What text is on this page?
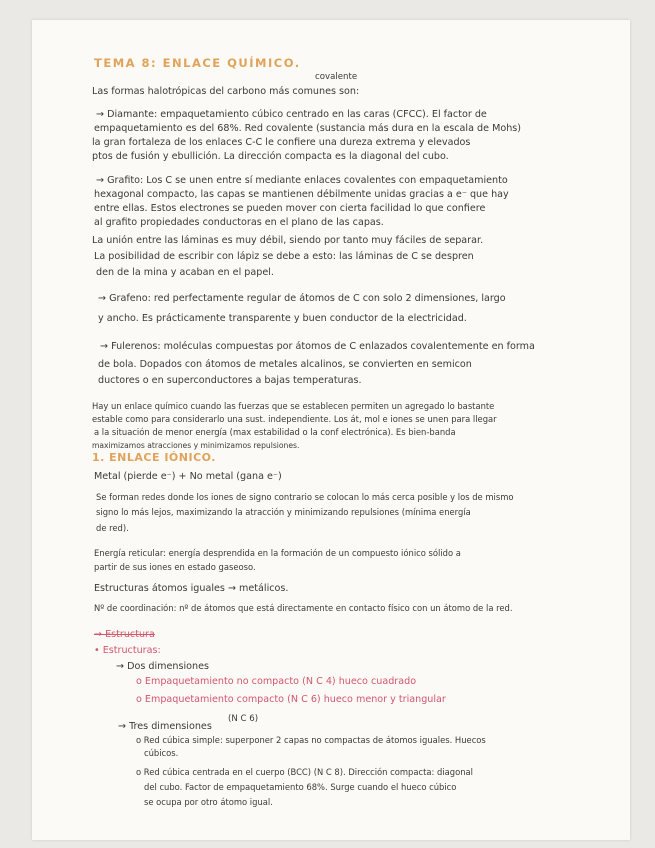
TEMA 8: ENLACE QUÍMICO.
covalente
Las formas halotrópicas del carbono más comunes son:
→ Diamante: empaquetamiento cúbico centrado en las caras (CFCC). El factor de
empaquetamiento es del 68%. Red covalente (sustancia más dura en la escala de Mohs)
la gran fortaleza de los enlaces C-C le confiere una dureza extrema y elevados
ptos de fusión y ebullición. La dirección compacta es la diagonal del cubo.
→ Grafito: Los C se unen entre sí mediante enlaces covalentes con empaquetamiento
hexagonal compacto, las capas se mantienen débilmente unidas gracias a e⁻ que hay
entre ellas. Estos electrones se pueden mover con cierta facilidad lo que confiere
al grafito propiedades conductoras en el plano de las capas.
La unión entre las láminas es muy débil, siendo por tanto muy fáciles de separar.
La posibilidad de escribir con lápiz se debe a esto: las láminas de C se despren
den de la mina y acaban en el papel.
→ Grafeno: red perfectamente regular de átomos de C con solo 2 dimensiones, largo
y ancho. Es prácticamente transparente y buen conductor de la electricidad.
→ Fulerenos: moléculas compuestas por átomos de C enlazados covalentemente en forma
de bola. Dopados con átomos de metales alcalinos, se convierten en semicon
ductores o en superconductores a bajas temperaturas.
Hay un enlace químico cuando las fuerzas que se establecen permiten un agregado lo bastante
estable como para considerarlo una sust. independiente. Los át, mol e iones se unen para llegar
a la situación de menor energía (max estabilidad o la conf electrónica). Es bien-banda
maximizamos atracciones y minimizamos repulsiones.
1. ENLACE IÓNICO.
Metal (pierde e⁻) + No metal (gana e⁻)
Se forman redes donde los iones de signo contrario se colocan lo más cerca posible y los de mismo
signo lo más lejos, maximizando la atracción y minimizando repulsiones (mínima energía
de red).
Energía reticular: energía desprendida en la formación de un compuesto iónico sólido a
partir de sus iones en estado gaseoso.
Estructuras átomos iguales → metálicos.
Nº de coordinación: nº de átomos que está directamente en contacto físico con un átomo de la red.
→ Estructura
• Estructuras:
→ Dos dimensiones
o Empaquetamiento no compacto (N C 4) hueco cuadrado
o Empaquetamiento compacto (N C 6) hueco menor y triangular
→ Tres dimensiones
(N C 6)
o Red cúbica simple: superponer 2 capas no compactas de átomos iguales. Huecos
cúbicos.
o Red cúbica centrada en el cuerpo (BCC) (N C 8). Dirección compacta: diagonal
del cubo. Factor de empaquetamiento 68%. Surge cuando el hueco cúbico
se ocupa por otro átomo igual.
